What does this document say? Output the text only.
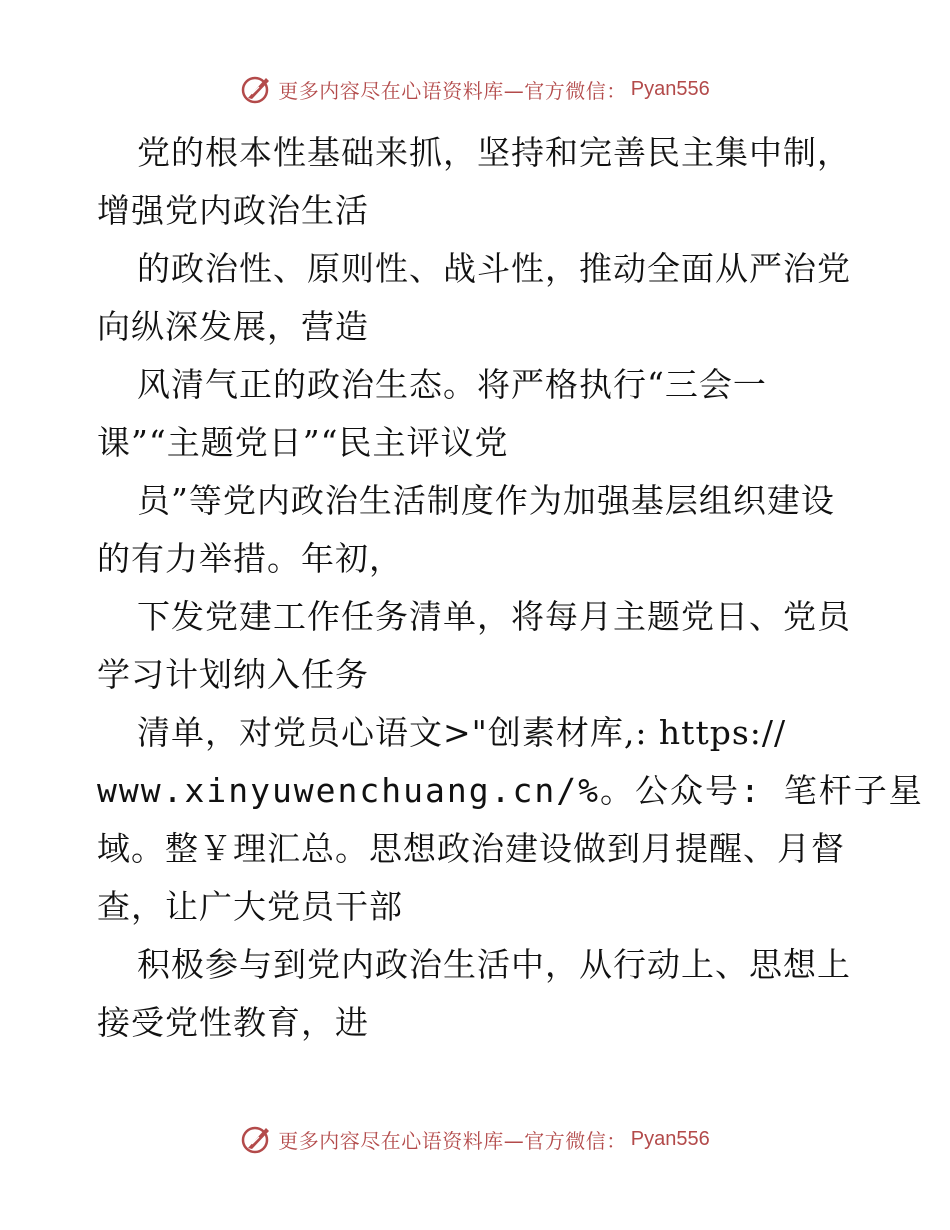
更多内容尽在心语资料库—官方微信： Pyan556
党的根本性基础来抓，坚持和完善民主集中制，
增强党内政治生活
的政治性、原则性、战斗性，推动全面从严治党
向纵深发展，营造
风清气正的政治生态。将严格执行“三会一
课”“主题党日”“民主评议党
员”等党内政治生活制度作为加强基层组织建设
的有力举措。年初，
下发党建工作任务清单，将每月主题党日、党员
学习计划纳入任务
清单，对党员心语文>"创素材库,: https://
www.xinyuwenchuang.cn/%。公众号: 笔杆子星
域。整￥理汇总。思想政治建设做到月提醒、月督
查，让广大党员干部
积极参与到党内政治生活中，从行动上、思想上
接受党性教育，进
更多内容尽在心语资料库—官方微信： Pyan556
